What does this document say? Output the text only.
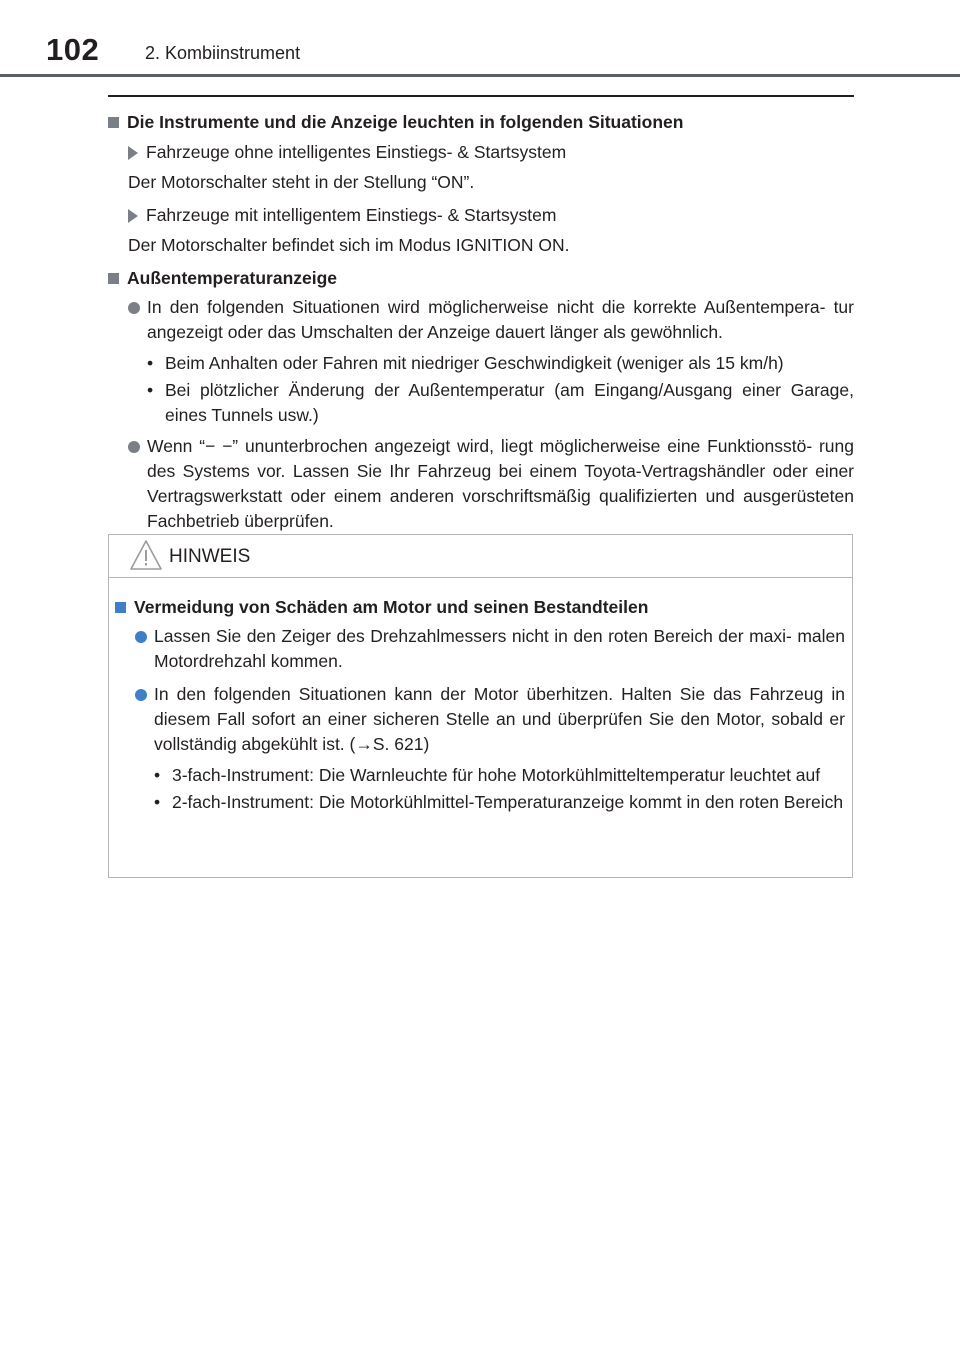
102	2. Kombiinstrument
Die Instrumente und die Anzeige leuchten in folgenden Situationen
Fahrzeuge ohne intelligentes Einstiegs- & Startsystem
Der Motorschalter steht in der Stellung “ON”.
Fahrzeuge mit intelligentem Einstiegs- & Startsystem
Der Motorschalter befindet sich im Modus IGNITION ON.
Außentemperaturanzeige
In den folgenden Situationen wird möglicherweise nicht die korrekte Außentempera- tur angezeigt oder das Umschalten der Anzeige dauert länger als gewöhnlich.
• Beim Anhalten oder Fahren mit niedriger Geschwindigkeit (weniger als 15 km/h)
• Bei plötzlicher Änderung der Außentemperatur (am Eingang/Ausgang einer Garage, eines Tunnels usw.)
Wenn “− −” ununterbrochen angezeigt wird, liegt möglicherweise eine Funktionsstö- rung des Systems vor. Lassen Sie Ihr Fahrzeug bei einem Toyota-Vertragshändler oder einer Vertragswerkstatt oder einem anderen vorschriftsmäßig qualifizierten und ausgerüsteten Fachbetrieb überprüfen.
HINWEIS
Vermeidung von Schäden am Motor und seinen Bestandteilen
Lassen Sie den Zeiger des Drehzahlmessers nicht in den roten Bereich der maxi- malen Motordrehzahl kommen.
In den folgenden Situationen kann der Motor überhitzen. Halten Sie das Fahrzeug in diesem Fall sofort an einer sicheren Stelle an und überprüfen Sie den Motor, sobald er vollständig abgekühlt ist. (→S. 621)
• 3-fach-Instrument: Die Warnleuchte für hohe Motorkühlmitteltemperatur leuchtet auf
• 2-fach-Instrument: Die Motorkühlmittel-Temperaturanzeige kommt in den roten Bereich
